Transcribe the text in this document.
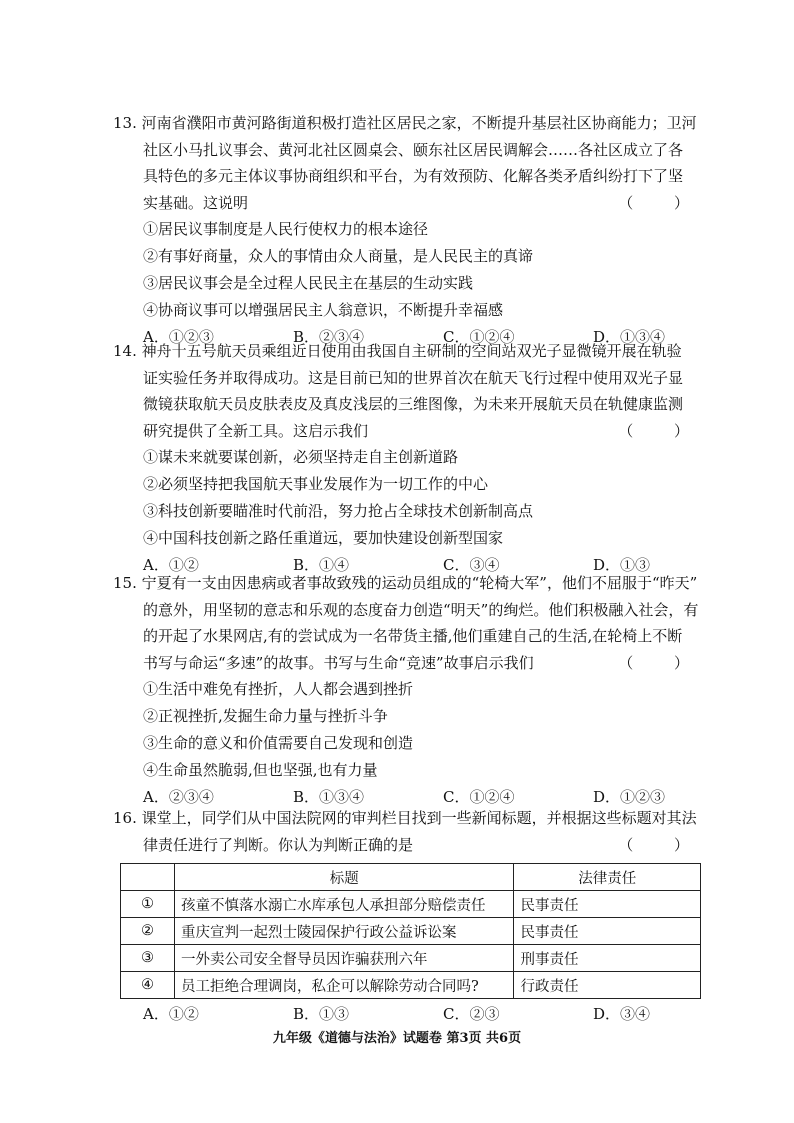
13. 河南省濮阳市黄河路街道积极打造社区居民之家，不断提升基层社区协商能力；卫河
社区小马扎议事会、黄河北社区圆桌会、颐东社区居民调解会……各社区成立了各
具特色的多元主体议事协商组织和平台，为有效预防、化解各类矛盾纠纷打下了坚
实基础。这说明	（ ）

①居民议事制度是人民行使权力的根本途径
②有事好商量，众人的事情由众人商量，是人民民主的真谛
③居民议事会是全过程人民民主在基层的生动实践
④协商议事可以增强居民主人翁意识，不断提升幸福感
A．①②③	B．②③④	C．①②④	D．①③④

14. 神舟十五号航天员乘组近日使用由我国自主研制的空间站双光子显微镜开展在轨验
证实验任务并取得成功。这是目前已知的世界首次在航天飞行过程中使用双光子显
微镜获取航天员皮肤表皮及真皮浅层的三维图像，为未来开展航天员在轨健康监测
研究提供了全新工具。这启示我们	（ ）

①谋未来就要谋创新，必须坚持走自主创新道路
②必须坚持把我国航天事业发展作为一切工作的中心
③科技创新要瞄准时代前沿，努力抢占全球技术创新制高点
④中国科技创新之路任重道远，要加快建设创新型国家
A．①②	B．①④	C．③④	D．①③

15. 宁夏有一支由因患病或者事故致残的运动员组成的“轮椅大军”，他们不屈服于“昨天”
的意外，用坚韧的意志和乐观的态度奋力创造“明天”的绚烂。他们积极融入社会，有
的开起了水果网店,有的尝试成为一名带货主播,他们重建自己的生活,在轮椅上不断
书写与命运“多速”的故事。书写与生命“竞速”故事启示我们	（ ）

①生活中难免有挫折，人人都会遇到挫折
②正视挫折,发掘生命力量与挫折斗争
③生命的意义和价值需要自己发现和创造
④生命虽然脆弱,但也坚强,也有力量
A．②③④	B．①③④	C．①②④	D．①②③

16. 课堂上，同学们从中国法院网的审判栏目找到一些新闻标题，并根据这些标题对其法
律责任进行了判断。你认为判断正确的是	（ ）

	标题	法律责任
①	孩童不慎落水溺亡水库承包人承担部分赔偿责任	民事责任
②	重庆宣判一起烈士陵园保护行政公益诉讼案	民事责任
③	一外卖公司安全督导员因诈骗获刑六年	刑事责任
④	员工拒绝合理调岗，私企可以解除劳动合同吗?	行政责任
A．①②	B．①③	C．②③	D．③④
九年级《道德与法治》试题卷 第3页 共6页
